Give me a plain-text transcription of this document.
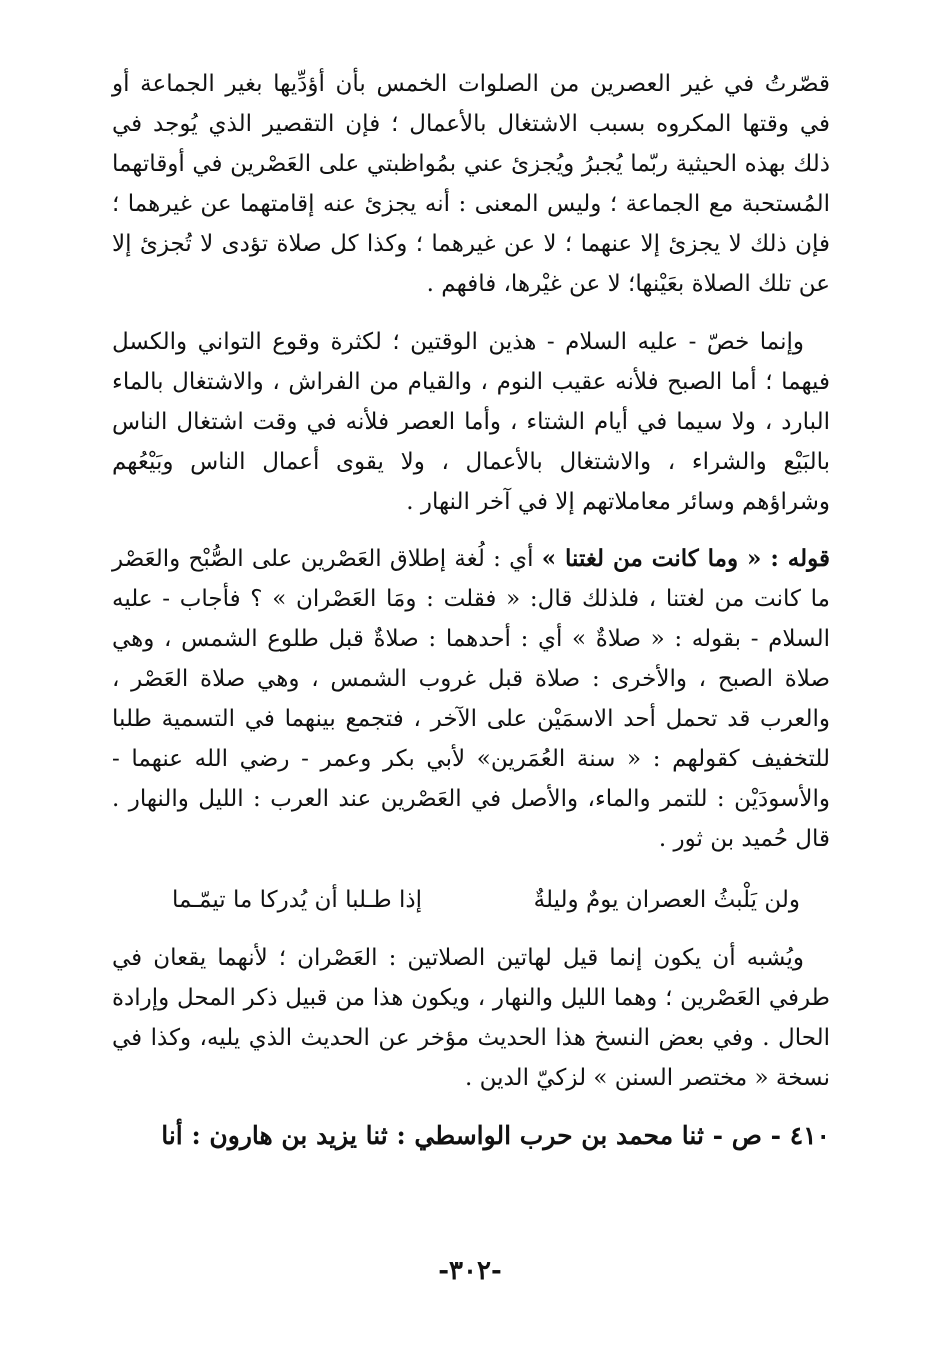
قصّرتُ في غير العصرين من الصلوات الخمس بأن أؤدِّيها بغير الجماعة أو في وقتها المكروه بسبب الاشتغال بالأعمال ؛ فإن التقصير الذي يُوجد في ذلك بهذه الحيثية ربّما يُجبرُ ويُجزئ عني بمُواظبتي على العَصْرين في أوقاتهما المُستحبة مع الجماعة ؛ وليس المعنى : أنه يجزئ عنه إقامتهما عن غيرهما ؛ فإن ذلك لا يجزئ إلا عنهما ؛ لا عن غيرهما ؛ وكذا كل صلاة تؤدى لا تُجزئ إلا عن تلك الصلاة بعَيْنها؛ لا عن غيْرها، فافهم .

وإنما خصّ - عليه السلام - هذين الوقتين ؛ لكثرة وقوع التواني والكسل فيهما ؛ أما الصبح فلأنه عقيب النوم ، والقيام من الفراش ، والاشتغال بالماء البارد ، ولا سيما في أيام الشتاء ، وأما العصر فلأنه في وقت اشتغال الناس بالبَيْع والشراء ، والاشتغال بالأعمال ، ولا يقوى أعمال الناس وبَيْعُهم وشراؤهم وسائر معاملاتهم إلا في آخر النهار .

قوله : « وما كانت من لغتنا » أي : لُغة إطلاق العَصْرين على الصُّبْح والعَصْر ما كانت من لغتنا ، فلذلك قال: « فقلت : ومَا العَصْران » ؟ فأجاب - عليه السلام - بقوله : « صلاةٌ » أي : أحدهما : صلاةٌ قبل طلوع الشمس ، وهي صلاة الصبح ، والأخرى : صلاة قبل غروب الشمس ، وهي صلاة العَصْر ، والعرب قد تحمل أحد الاسمَيْن على الآخر ، فتجمع بينهما في التسمية طلبا للتخفيف كقولهم : « سنة العُمَرين» لأبي بكر وعمر - رضي الله عنهما - والأسودَيْن : للتمر والماء، والأصل في العَصْرين عند العرب : الليل والنهار . قال حُميد بن ثور .

ولن يَلْبثُ العصران يومٌ وليلةٌ
إذا طـلبا أن يُدركا ما تيمّـما

ويُشبه أن يكون إنما قيل لهاتين الصلاتين : العَصْران ؛ لأنهما يقعان في طرفي العَصْرين ؛ وهما الليل والنهار ، ويكون هذا من قبيل ذكر المحل وإرادة الحال . وفي بعض النسخ هذا الحديث مؤخر عن الحديث الذي يليه، وكذا في نسخة « مختصر السنن » لزكيّ الدين .

٤١٠ - ص - ثنا محمد بن حرب الواسطي : ثنا يزيد بن هارون : أنا
-٣٠٢-
